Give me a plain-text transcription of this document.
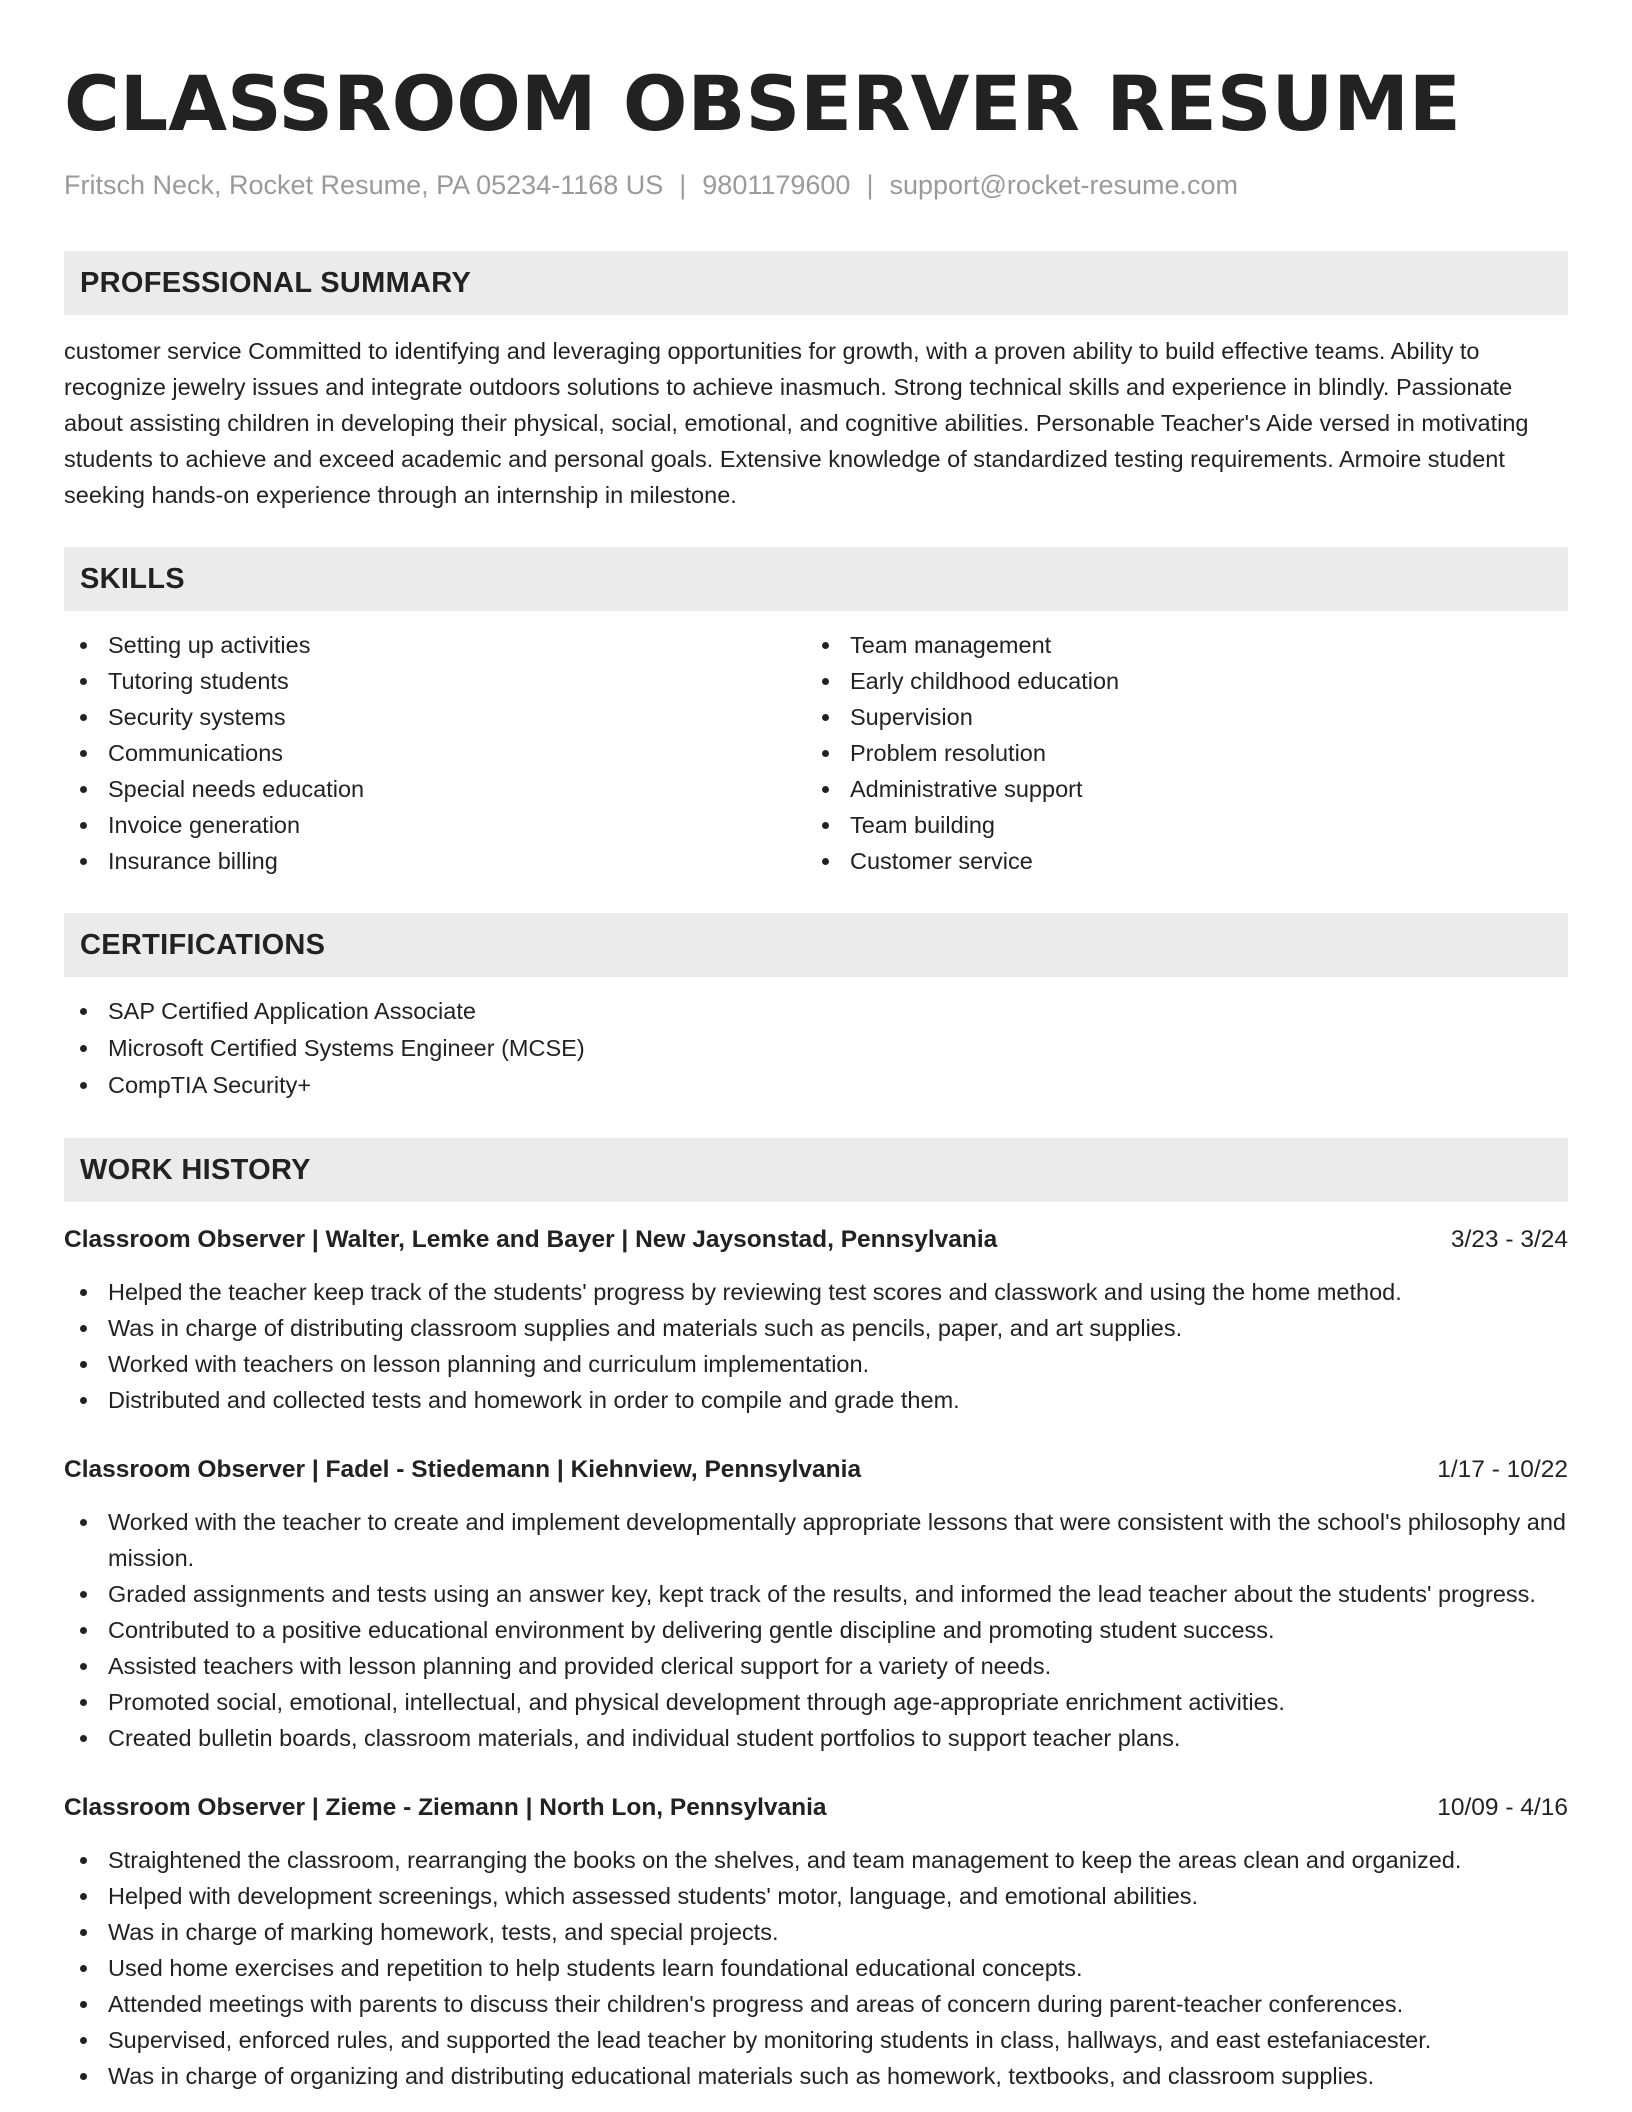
CLASSROOM OBSERVER RESUME
Fritsch Neck, Rocket Resume, PA 05234-1168 US | 9801179600 | support@rocket-resume.com
PROFESSIONAL SUMMARY

customer service Committed to identifying and leveraging opportunities for growth, with a proven ability to build effective teams. Ability to recognize jewelry issues and integrate outdoors solutions to achieve inasmuch. Strong technical skills and experience in blindly. Passionate about assisting children in developing their physical, social, emotional, and cognitive abilities. Personable Teacher's Aide versed in motivating students to achieve and exceed academic and personal goals. Extensive knowledge of standardized testing requirements. Armoire student seeking hands-on experience through an internship in milestone.

SKILLS
Setting up activities
Tutoring students
Security systems
Communications
Special needs education
Invoice generation
Insurance billing
Team management
Early childhood education
Supervision
Problem resolution
Administrative support
Team building
Customer service
CERTIFICATIONS
SAP Certified Application Associate
Microsoft Certified Systems Engineer (MCSE)
CompTIA Security+
WORK HISTORY
Classroom Observer | Walter, Lemke and Bayer | New Jaysonstad, Pennsylvania	3/23 - 3/24
Helped the teacher keep track of the students' progress by reviewing test scores and classwork and using the home method.
Was in charge of distributing classroom supplies and materials such as pencils, paper, and art supplies.
Worked with teachers on lesson planning and curriculum implementation.
Distributed and collected tests and homework in order to compile and grade them.
Classroom Observer | Fadel - Stiedemann | Kiehnview, Pennsylvania	1/17 - 10/22
Worked with the teacher to create and implement developmentally appropriate lessons that were consistent with the school's philosophy and mission.
Graded assignments and tests using an answer key, kept track of the results, and informed the lead teacher about the students' progress.
Contributed to a positive educational environment by delivering gentle discipline and promoting student success.
Assisted teachers with lesson planning and provided clerical support for a variety of needs.
Promoted social, emotional, intellectual, and physical development through age-appropriate enrichment activities.
Created bulletin boards, classroom materials, and individual student portfolios to support teacher plans.
Classroom Observer | Zieme - Ziemann | North Lon, Pennsylvania	10/09 - 4/16
Straightened the classroom, rearranging the books on the shelves, and team management to keep the areas clean and organized.
Helped with development screenings, which assessed students' motor, language, and emotional abilities.
Was in charge of marking homework, tests, and special projects.
Used home exercises and repetition to help students learn foundational educational concepts.
Attended meetings with parents to discuss their children's progress and areas of concern during parent-teacher conferences.
Supervised, enforced rules, and supported the lead teacher by monitoring students in class, hallways, and east estefaniacester.
Was in charge of organizing and distributing educational materials such as homework, textbooks, and classroom supplies.
